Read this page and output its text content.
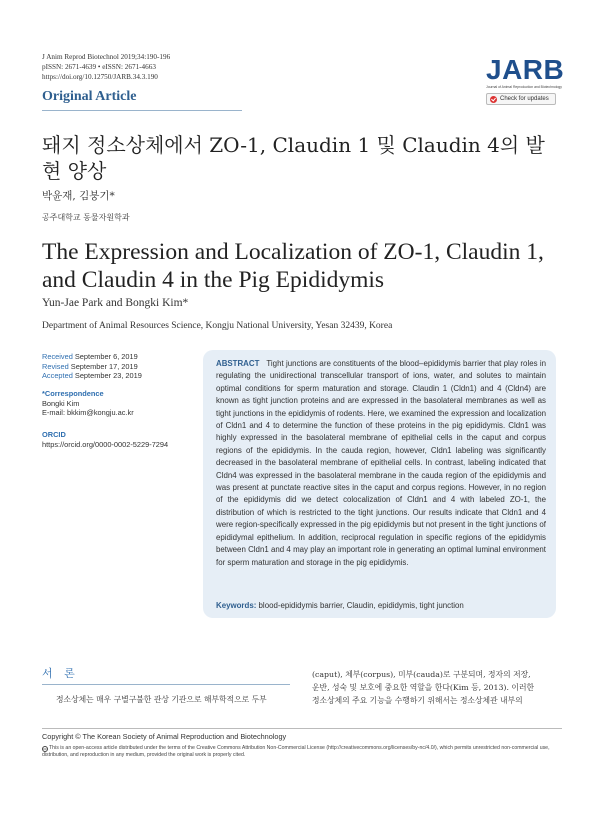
J Anim Reprod Biotechnol 2019;34:190-196
pISSN: 2671-4639 • eISSN: 2671-4663
https://doi.org/10.12750/JARB.34.3.190
Original Article
JARB
Journal of Animal Reproduction and Biotechnology
Check for updates
돼지 정소상체에서 ZO-1, Claudin 1 및 Claudin 4의 발현 양상
박윤재, 김붕기*
공주대학교 동물자원학과
The Expression and Localization of ZO-1, Claudin 1, and Claudin 4 in the Pig Epididymis
Yun-Jae Park and Bongki Kim*
Department of Animal Resources Science, Kongju National University, Yesan 32439, Korea
Received September 6, 2019
Revised September 17, 2019
Accepted September 23, 2019
*Correspondence
Bongki Kim
E-mail: bkkim@kongju.ac.kr
ORCID
https://orcid.org/0000-0002-5229-7294
ABSTRACT Tight junctions are constituents of the blood–epididymis barrier that play roles in regulating the unidirectional transcellular transport of ions, water, and solutes to maintain optimal conditions for sperm maturation and storage. Claudin 1 (Cldn1) and 4 (Cldn4) are known as tight junction proteins and are expressed in the basolateral membranes as well as tight junctions in the epididymis of rodents. Here, we examined the expression and localization of Cldn1 and 4 to determine the function of these proteins in the pig epididymis. Cldn1 was highly expressed in the basolateral membrane of epithelial cells in the caput and corpus regions of the epididymis. In the cauda region, however, Cldn1 labeling was significantly decreased in the basolateral membrane of epithelial cells. In contrast, labeling indicated that Cldn4 was expressed in the basolateral membrane in the cauda region of the epididymis and was present at punctate reactive sites in the caput and corpus regions. However, in no region of the epididymis did we detect colocalization of Cldn1 and 4 with labeled ZO-1, the distribution of which is restricted to the tight junctions. Our results indicate that Cldn1 and 4 were region-specifically expressed in the pig epididymis but not present in the tight junctions of epididymal epithelium. In addition, reciprocal regulation in specific regions of the epididymis between Cldn1 and 4 may play an important role in generating an optimal luminal environment for sperm maturation and storage in the pig epididymis.
Keywords: blood-epididymis barrier, Claudin, epididymis, tight junction
서 론
정소상체는 매우 구별구불한 관상 기관으로 해부학적으로 두부
(caput), 체부(corpus), 미부(cauda)로 구분되며, 정자의 저장,
운반, 성숙 및 보호에 중요한 역할을 한다(Kim 등, 2013). 이러한
정소상체의 주요 기능을 수행하기 위해서는 정소상체관 내부의
Copyright © The Korean Society of Animal Reproduction and Biotechnology
cc This is an open-access article distributed under the terms of the Creative Commons Attribution Non-Commercial License (http://creativecommons.org/licenses/by-nc/4.0/), which permits unrestricted non-commercial use, distribution, and reproduction in any medium, provided the original work is properly cited.
